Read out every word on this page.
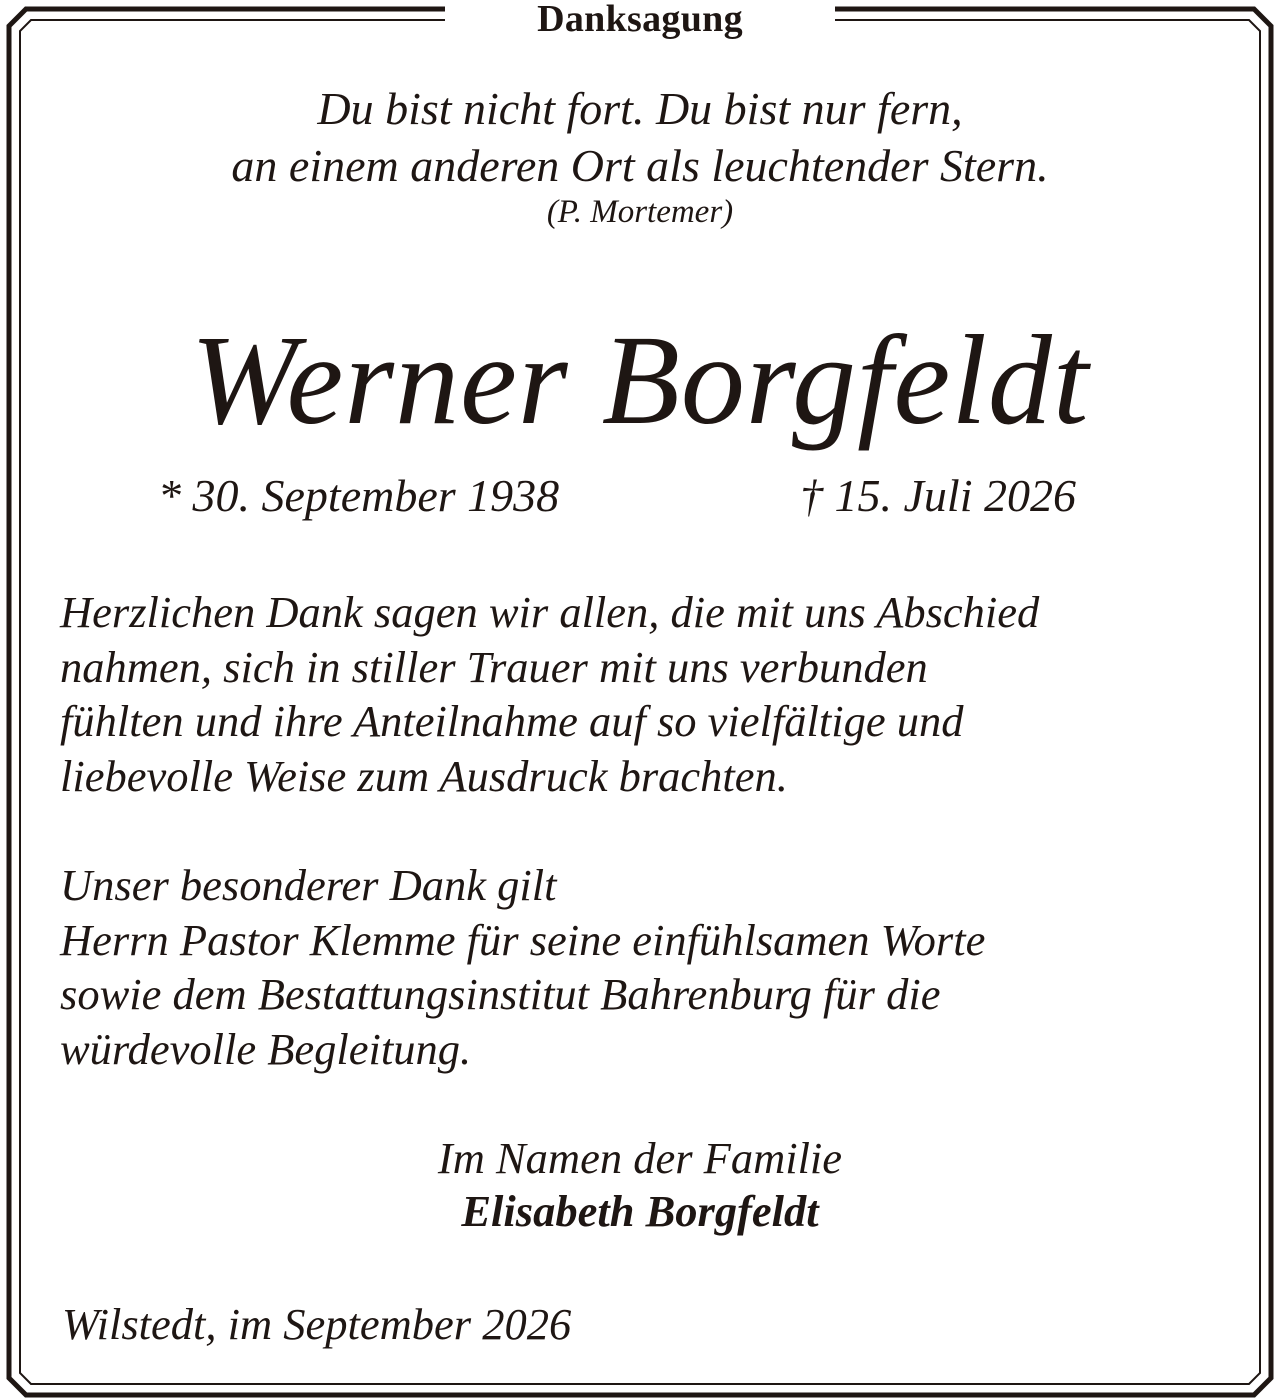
Danksagung
Du bist nicht fort. Du bist nur fern,
an einem anderen Ort als leuchtender Stern.
(P. Mortemer)
Werner Borgfeldt
* 30. September 1938	† 15. Juli 2026
Herzlichen Dank sagen wir allen, die mit uns Abschied
nahmen, sich in stiller Trauer mit uns verbunden
fühlten und ihre Anteilnahme auf so vielfältige und
liebevolle Weise zum Ausdruck brachten.
Unser besonderer Dank gilt
Herrn Pastor Klemme für seine einfühlsamen Worte
sowie dem Bestattungsinstitut Bahrenburg für die
würdevolle Begleitung.
Im Namen der Familie
Elisabeth Borgfeldt
Wilstedt, im September 2026
